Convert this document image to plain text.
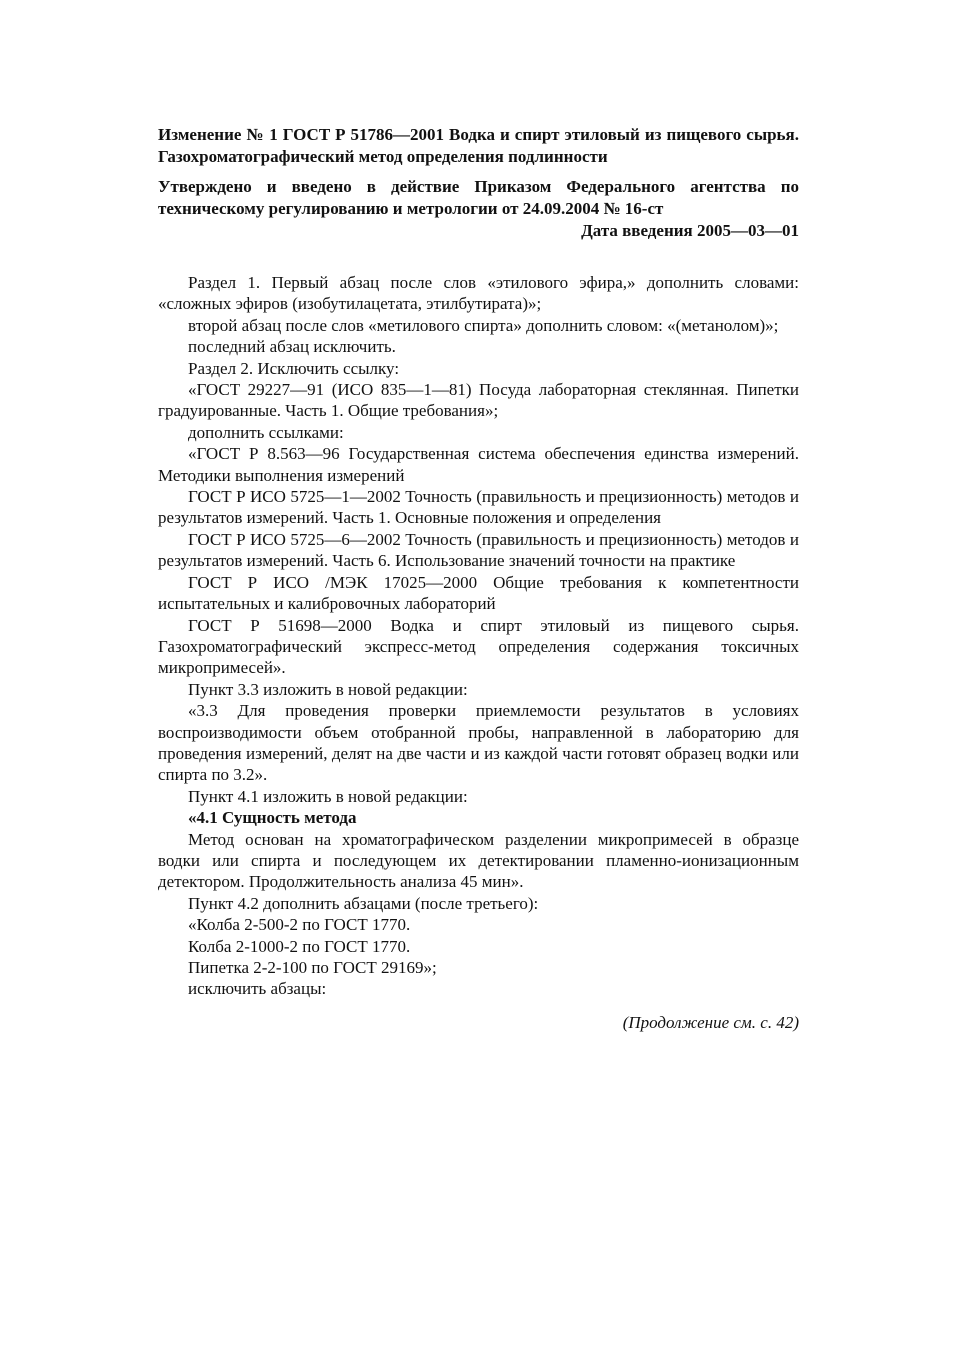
Изменение № 1 ГОСТ Р 51786—2001 Водка и спирт этиловый из пищевого сырья. Газохроматографический метод определения подлинности

Утверждено и введено в действие Приказом Федерального агентства по техническому регулированию и метрологии от 24.09.2004 № 16-ст

Дата введения 2005—03—01

Раздел 1. Первый абзац после слов «этилового эфира,» дополнить словами: «сложных эфиров (изобутилацетата, этилбутирата)»;

второй абзац после слов «метилового спирта» дополнить словом: «(метанолом)»;

последний абзац исключить.

Раздел 2. Исключить ссылку:

«ГОСТ 29227—91 (ИСО 835—1—81) Посуда лабораторная стеклянная. Пипетки градуированные. Часть 1. Общие требования»;

дополнить ссылками:

«ГОСТ Р 8.563—96 Государственная система обеспечения единства измерений. Методики выполнения измерений

ГОСТ Р ИСО 5725—1—2002 Точность (правильность и прецизионность) методов и результатов измерений. Часть 1. Основные положения и определения

ГОСТ Р ИСО 5725—6—2002 Точность (правильность и прецизионность) методов и результатов измерений. Часть 6. Использование значений точности на практике

ГОСТ Р ИСО /МЭК 17025—2000 Общие требования к компетентности испытательных и калибровочных лабораторий

ГОСТ Р 51698—2000 Водка и спирт этиловый из пищевого сырья. Газохроматографический экспресс-метод определения содержания токсичных микропримесей».

Пункт 3.3 изложить в новой редакции:

«3.3 Для проведения проверки приемлемости результатов в условиях воспроизводимости объем отобранной пробы, направленной в лабораторию для проведения измерений, делят на две части и из каждой части готовят образец водки или спирта по 3.2».

Пункт 4.1 изложить в новой редакции:

«4.1 Сущность метода

Метод основан на хроматографическом разделении микропримесей в образце водки или спирта и последующем их детектировании пламенно-ионизационным детектором. Продолжительность анализа 45 мин».

Пункт 4.2 дополнить абзацами (после третьего):

«Колба 2-500-2 по ГОСТ 1770.

Колба 2-1000-2 по ГОСТ 1770.

Пипетка 2-2-100 по ГОСТ 29169»;

исключить абзацы:

(Продолжение см. с. 42)
